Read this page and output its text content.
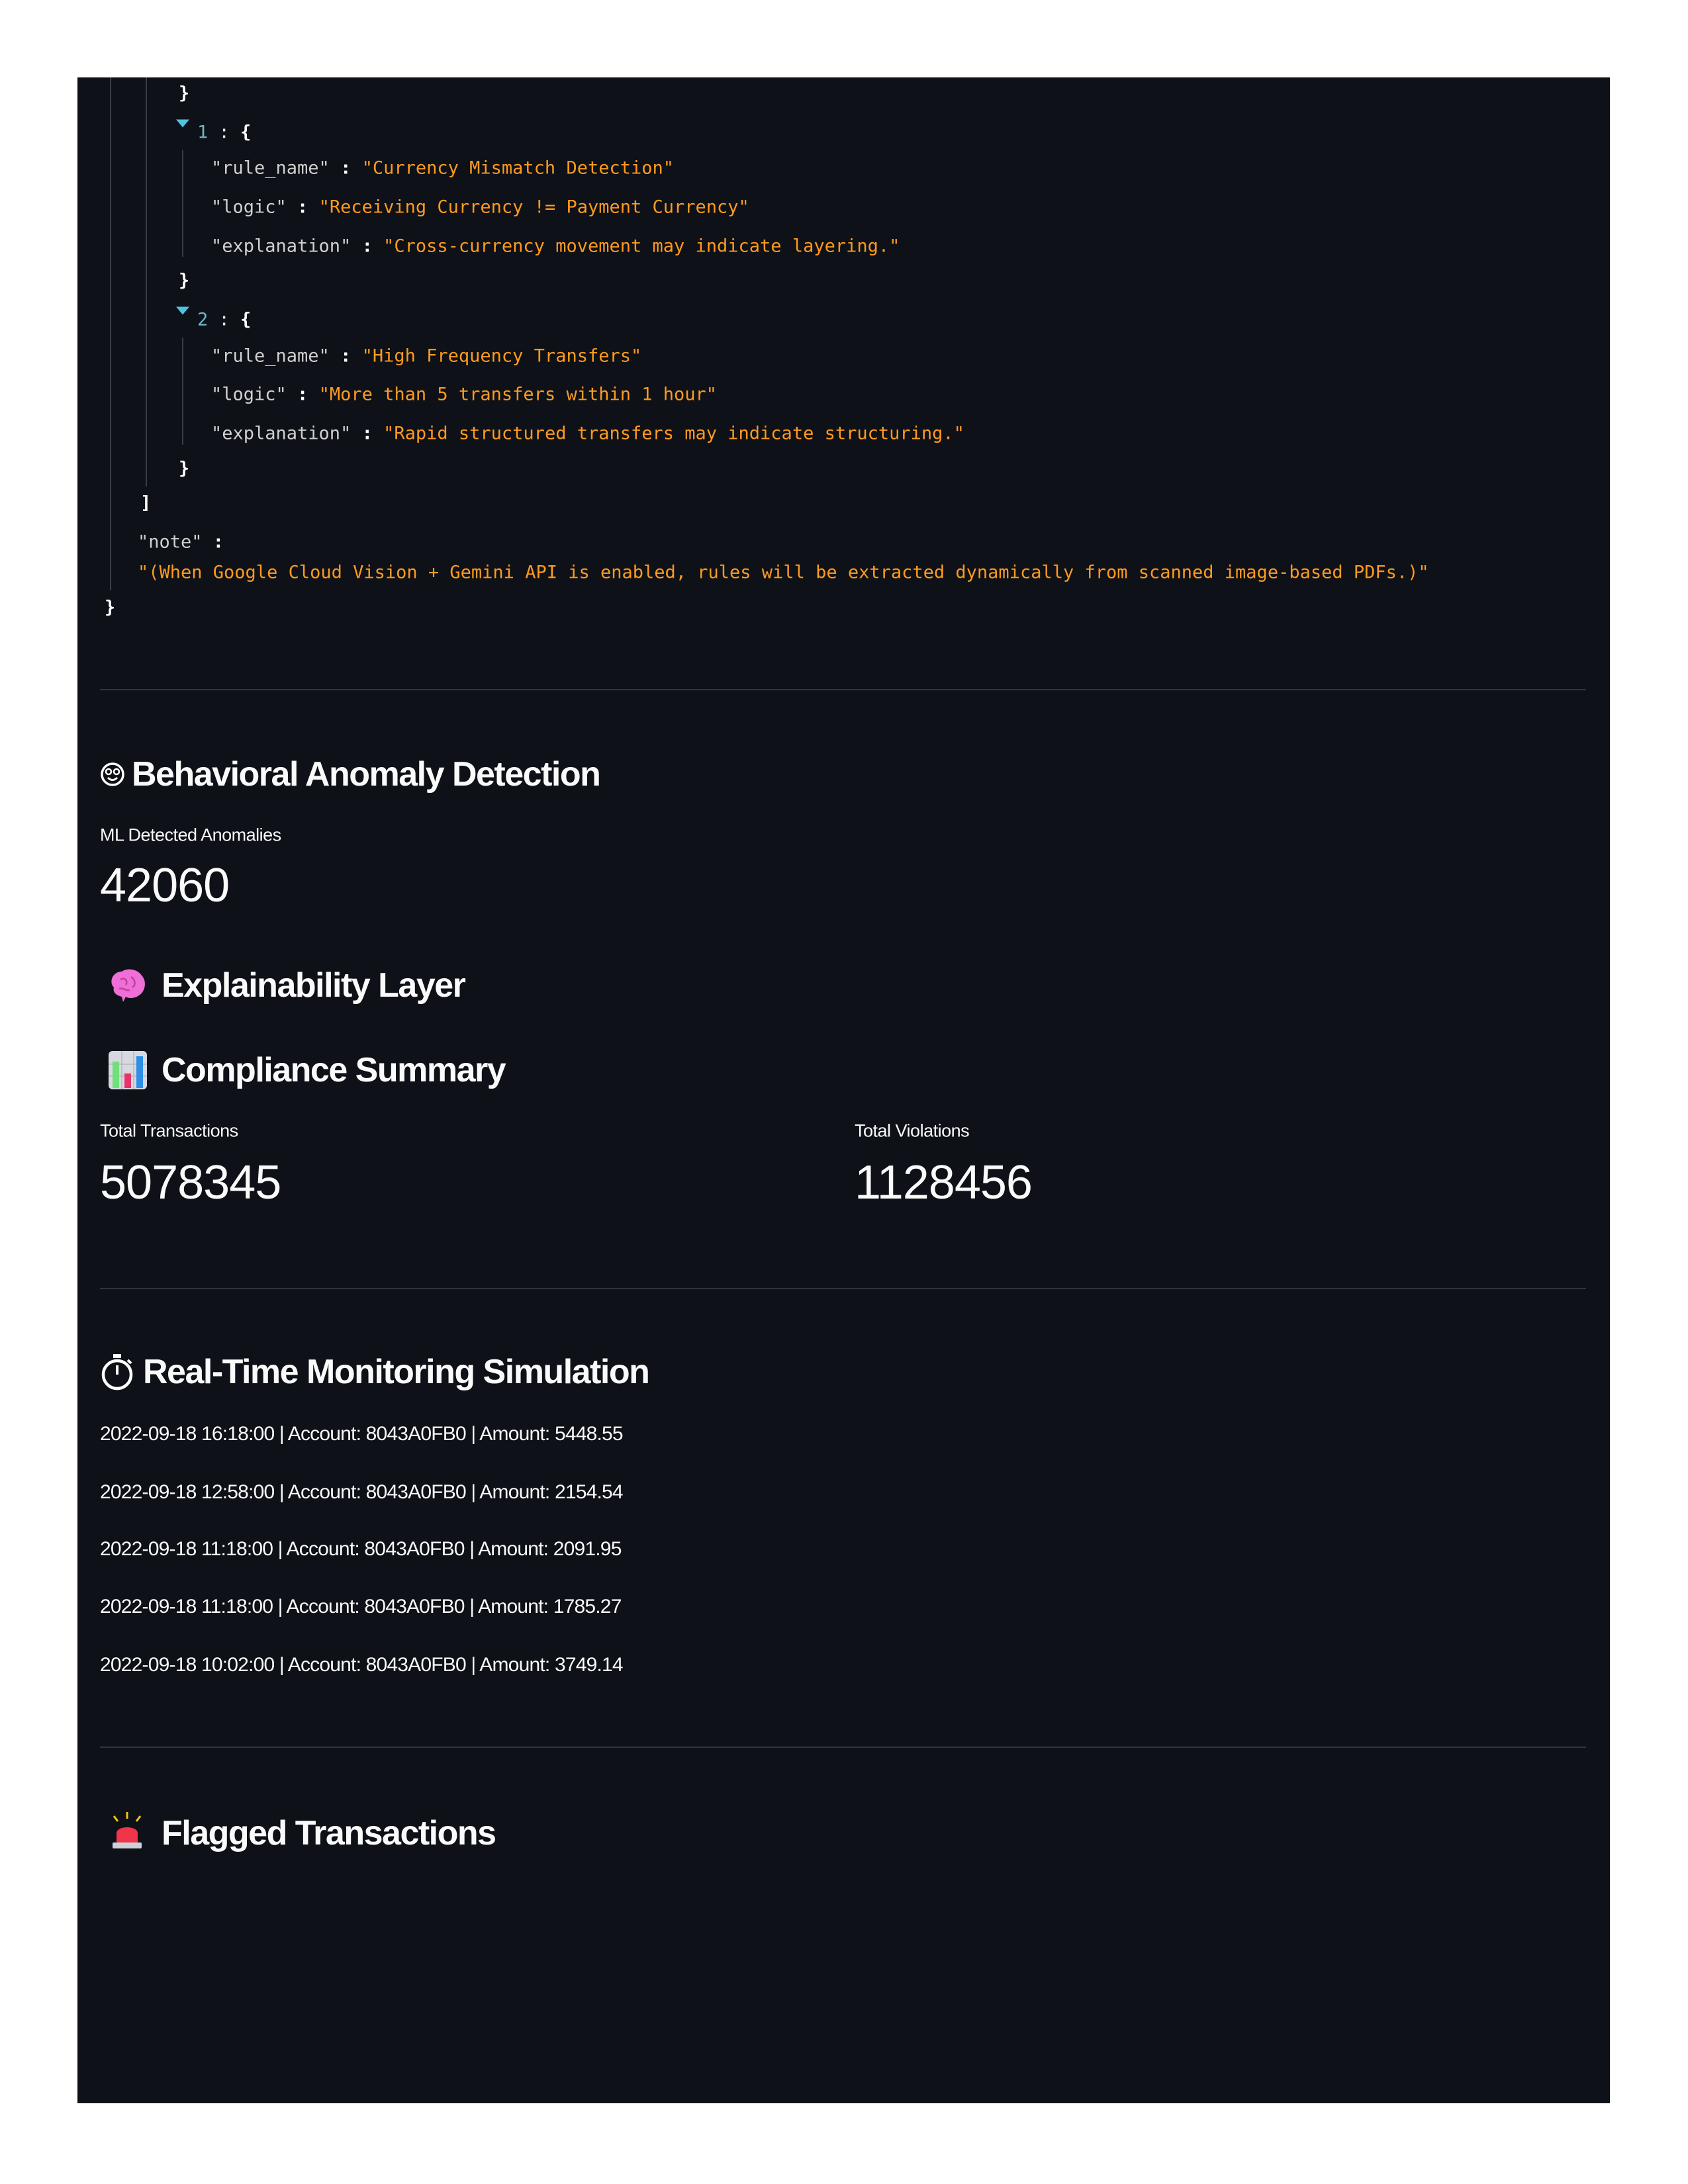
}
1 : {
"rule_name" : "Currency Mismatch Detection"
"logic" : "Receiving Currency != Payment Currency"
"explanation" : "Cross-currency movement may indicate layering."
}
2 : {
"rule_name" : "High Frequency Transfers"
"logic" : "More than 5 transfers within 1 hour"
"explanation" : "Rapid structured transfers may indicate structuring."
}
]
"note" :
"(When Google Cloud Vision + Gemini API is enabled, rules will be extracted dynamically from scanned image-based PDFs.)"
}
Behavioral Anomaly Detection
ML Detected Anomalies
42060
Explainability Layer
Compliance Summary
Total Transactions
5078345
Total Violations
1128456
Real-Time Monitoring Simulation
2022-09-18 16:18:00 | Account: 8043A0FB0 | Amount: 5448.55
2022-09-18 12:58:00 | Account: 8043A0FB0 | Amount: 2154.54
2022-09-18 11:18:00 | Account: 8043A0FB0 | Amount: 2091.95
2022-09-18 11:18:00 | Account: 8043A0FB0 | Amount: 1785.27
2022-09-18 10:02:00 | Account: 8043A0FB0 | Amount: 3749.14
Flagged Transactions
